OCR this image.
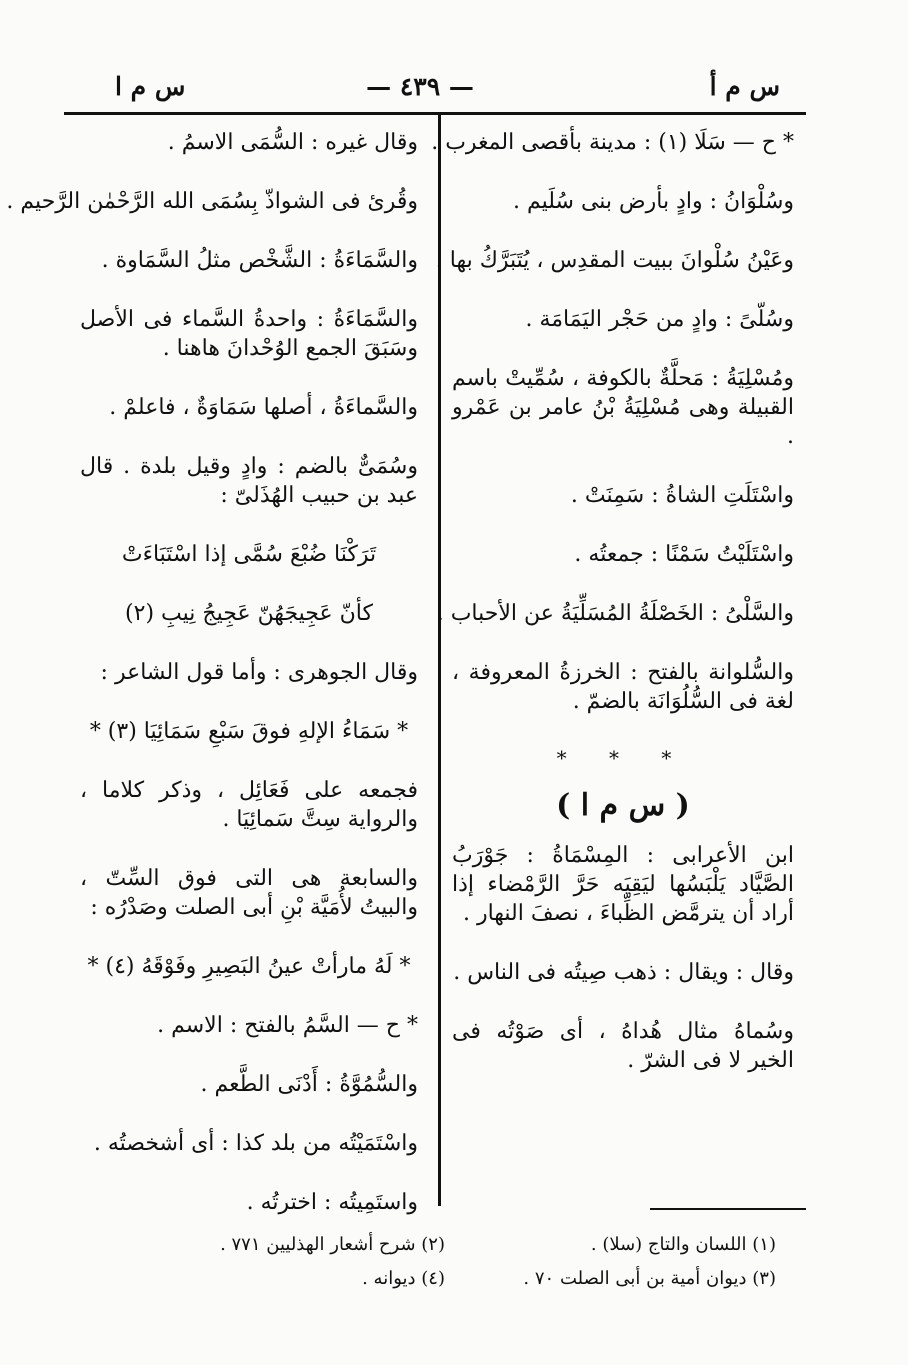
س م أ
— ٤٣٩ —
س م ا
* ح — سَلَا (١) : مدينة بأقصى المغرب .
وسُلْوَانُ : وادٍ بأرض بنى سُلَيم .
وعَيْنُ سُلْوانَ ببيت المقدِس ، يُتَبَرَّكُ بها .
وسُلّىً : وادٍ من حَجْر اليَمَامَة .
ومُسْلِيَةُ : مَحلَّةٌ بالكوفة ، سُمِّيتْ باسم القبيلة وهى مُسْلِيَةُ بْنُ عامر بن عَمْرو .
واسْتَلَتِ الشاةُ : سَمِنَتْ .
واسْتَلَيْتُ سَمْنًا : جمعتُه .
والسَّلْىُ : الخَصْلَةُ المُسَلِّيَةُ عن الأحباب .
والسُّلوانة بالفتح : الخرزةُ المعروفة ، لغة فى السُّلُوَانَة بالضمّ .
* * *
( س م ا )
ابن الأعرابى : المِسْمَاةُ : جَوْرَبُ الصَّيَّاد يَلْبَسُها ليَقِيَه حَرَّ الرَّمْضاء إذا أراد أن يترمَّض الظِّباءَ ، نصفَ النهار .
وقال : ويقال : ذهب صِيتُه فى الناس .
وسُماهُ مثال هُداهُ ، أى صَوْتُه فى الخير لا فى الشرّ .
وقال غيره : السُّمَى الاسمُ .
وقُرئ فى الشواذّ بِسُمَى الله الرَّحْمٰن الرَّحيم .
والسَّمَاءَةُ : الشَّخْص مثلُ السَّمَاوة .
والسَّمَاءَةُ : واحدةُ السَّماء فى الأصل وسَبَقَ الجمع الوُحْدانَ هاهنا .
والسَّماءَةُ ، أصلها سَمَاوَةٌ ، فاعلمْ .
وسُمَىٌّ بالضم : وادٍ وقيل بلدة . قال عبد بن حبيب الهُذَلىّ :
تَرَكْنَا ضُبْعَ سُمَّى إذا اسْتَبَاءَتْ
كأنّ عَجِيجَهُنّ عَجِيجُ نِيبِ (٢)
وقال الجوهرى : وأما قول الشاعر :
* سَمَاءُ الإلهِ فوقَ سَبْعِ سَمَائِيَا (٣) *
فجمعه على فَعَائِل ، وذكر كلاما ، والرواية سِتَّ سَمائِيَا .
والسابعة هى التى فوق السِّتّ ، والبيتُ لأُمَيَّة بْنِ أبى الصلت وصَدْرُه :
* لَهُ مارأتْ عينُ البَصِيرِ وفَوْقَهُ (٤) *
* ح — السَّمُ بالفتح : الاسم .
والسُّمُوَّةُ : أَدْنَى الطَّعم .
واسْتَمَيْتُه من بلد كذا : أى أشخصتُه .
واستَمِيتُه : اخترتُه .
(١) اللسان والتاج (سلا) .
(٣) ديوان أمية بن أبى الصلت ٧٠ .
(٢) شرح أشعار الهذليين ٧٧١ .
(٤) ديوانه .
